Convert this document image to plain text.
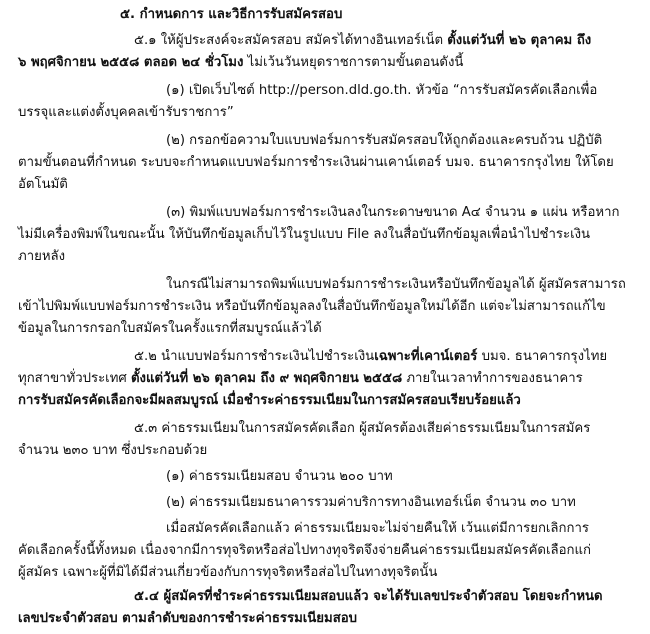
๕. กำหนดการ และวิธีการรับสมัครสอบ
๕.๑ ให้ผู้ประสงค์จะสมัครสอบ สมัครได้ทางอินเทอร์เน็ต ตั้งแต่วันที่ ๒๖ ตุลาคม ถึง
๖ พฤศจิกายน ๒๕๕๘ ตลอด ๒๔ ชั่วโมง ไม่เว้นวันหยุดราชการตามขั้นตอนดังนี้
(๑) เปิดเว็บไซต์ http://person.dld.go.th. หัวข้อ “การรับสมัครคัดเลือกเพื่อ
บรรจุและแต่งตั้งบุคคลเข้ารับราชการ”
(๒) กรอกข้อความใบแบบฟอร์มการรับสมัครสอบให้ถูกต้องและครบถ้วน ปฏิบัติ
ตามขั้นตอนที่กำหนด ระบบจะกำหนดแบบฟอร์มการชำระเงินผ่านเคาน์เตอร์ บมจ. ธนาคารกรุงไทย ให้โดย
อัตโนมัติ
(๓) พิมพ์แบบฟอร์มการชำระเงินลงในกระดาษขนาด A๔ จำนวน ๑ แผ่น หรือหาก
ไม่มีเครื่องพิมพ์ในขณะนั้น ให้บันทึกข้อมูลเก็บไว้ในรูปแบบ File ลงในสื่อบันทึกข้อมูลเพื่อนำไปชำระเงิน
ภายหลัง
ในกรณีไม่สามารถพิมพ์แบบฟอร์มการชำระเงินหรือบันทึกข้อมูลได้ ผู้สมัครสามารถ
เข้าไปพิมพ์แบบฟอร์มการชำระเงิน หรือบันทึกข้อมูลลงในสื่อบันทึกข้อมูลใหม่ได้อีก แต่จะไม่สามารถแก้ไข
ข้อมูลในการกรอกใบสมัครในครั้งแรกที่สมบูรณ์แล้วได้
๕.๒ นำแบบฟอร์มการชำระเงินไปชำระเงินเฉพาะที่เคาน์เตอร์ บมจ. ธนาคารกรุงไทย
ทุกสาขาทั่วประเทศ ตั้งแต่วันที่ ๒๖ ตุลาคม ถึง ๙ พฤศจิกายน ๒๕๕๘ ภายในเวลาทำการของธนาคาร
การรับสมัครคัดเลือกจะมีผลสมบูรณ์ เมื่อชำระค่าธรรมเนียมในการสมัครสอบเรียบร้อยแล้ว
๕.๓ ค่าธรรมเนียมในการสมัครคัดเลือก ผู้สมัครต้องเสียค่าธรรมเนียมในการสมัคร
จำนวน ๒๓๐ บาท ซึ่งประกอบด้วย
(๑) ค่าธรรมเนียมสอบ จำนวน ๒๐๐ บาท
(๒) ค่าธรรมเนียมธนาคารรวมค่าบริการทางอินเทอร์เน็ต จำนวน ๓๐ บาท
เมื่อสมัครคัดเลือกแล้ว ค่าธรรมเนียมจะไม่จ่ายคืนให้ เว้นแต่มีการยกเลิกการ
คัดเลือกครั้งนี้ทั้งหมด เนื่องจากมีการทุจริตหรือส่อไปทางทุจริตจึงจ่ายคืนค่าธรรมเนียมสมัครคัดเลือกแก่
ผู้สมัคร เฉพาะผู้ที่มิได้มีส่วนเกี่ยวข้องกับการทุจริตหรือส่อไปในทางทุจริตนั้น
๕.๔ ผู้สมัครที่ชำระค่าธรรมเนียมสอบแล้ว จะได้รับเลขประจำตัวสอบ โดยจะกำหนด
เลขประจำตัวสอบ ตามลำดับของการชำระค่าธรรมเนียมสอบ
